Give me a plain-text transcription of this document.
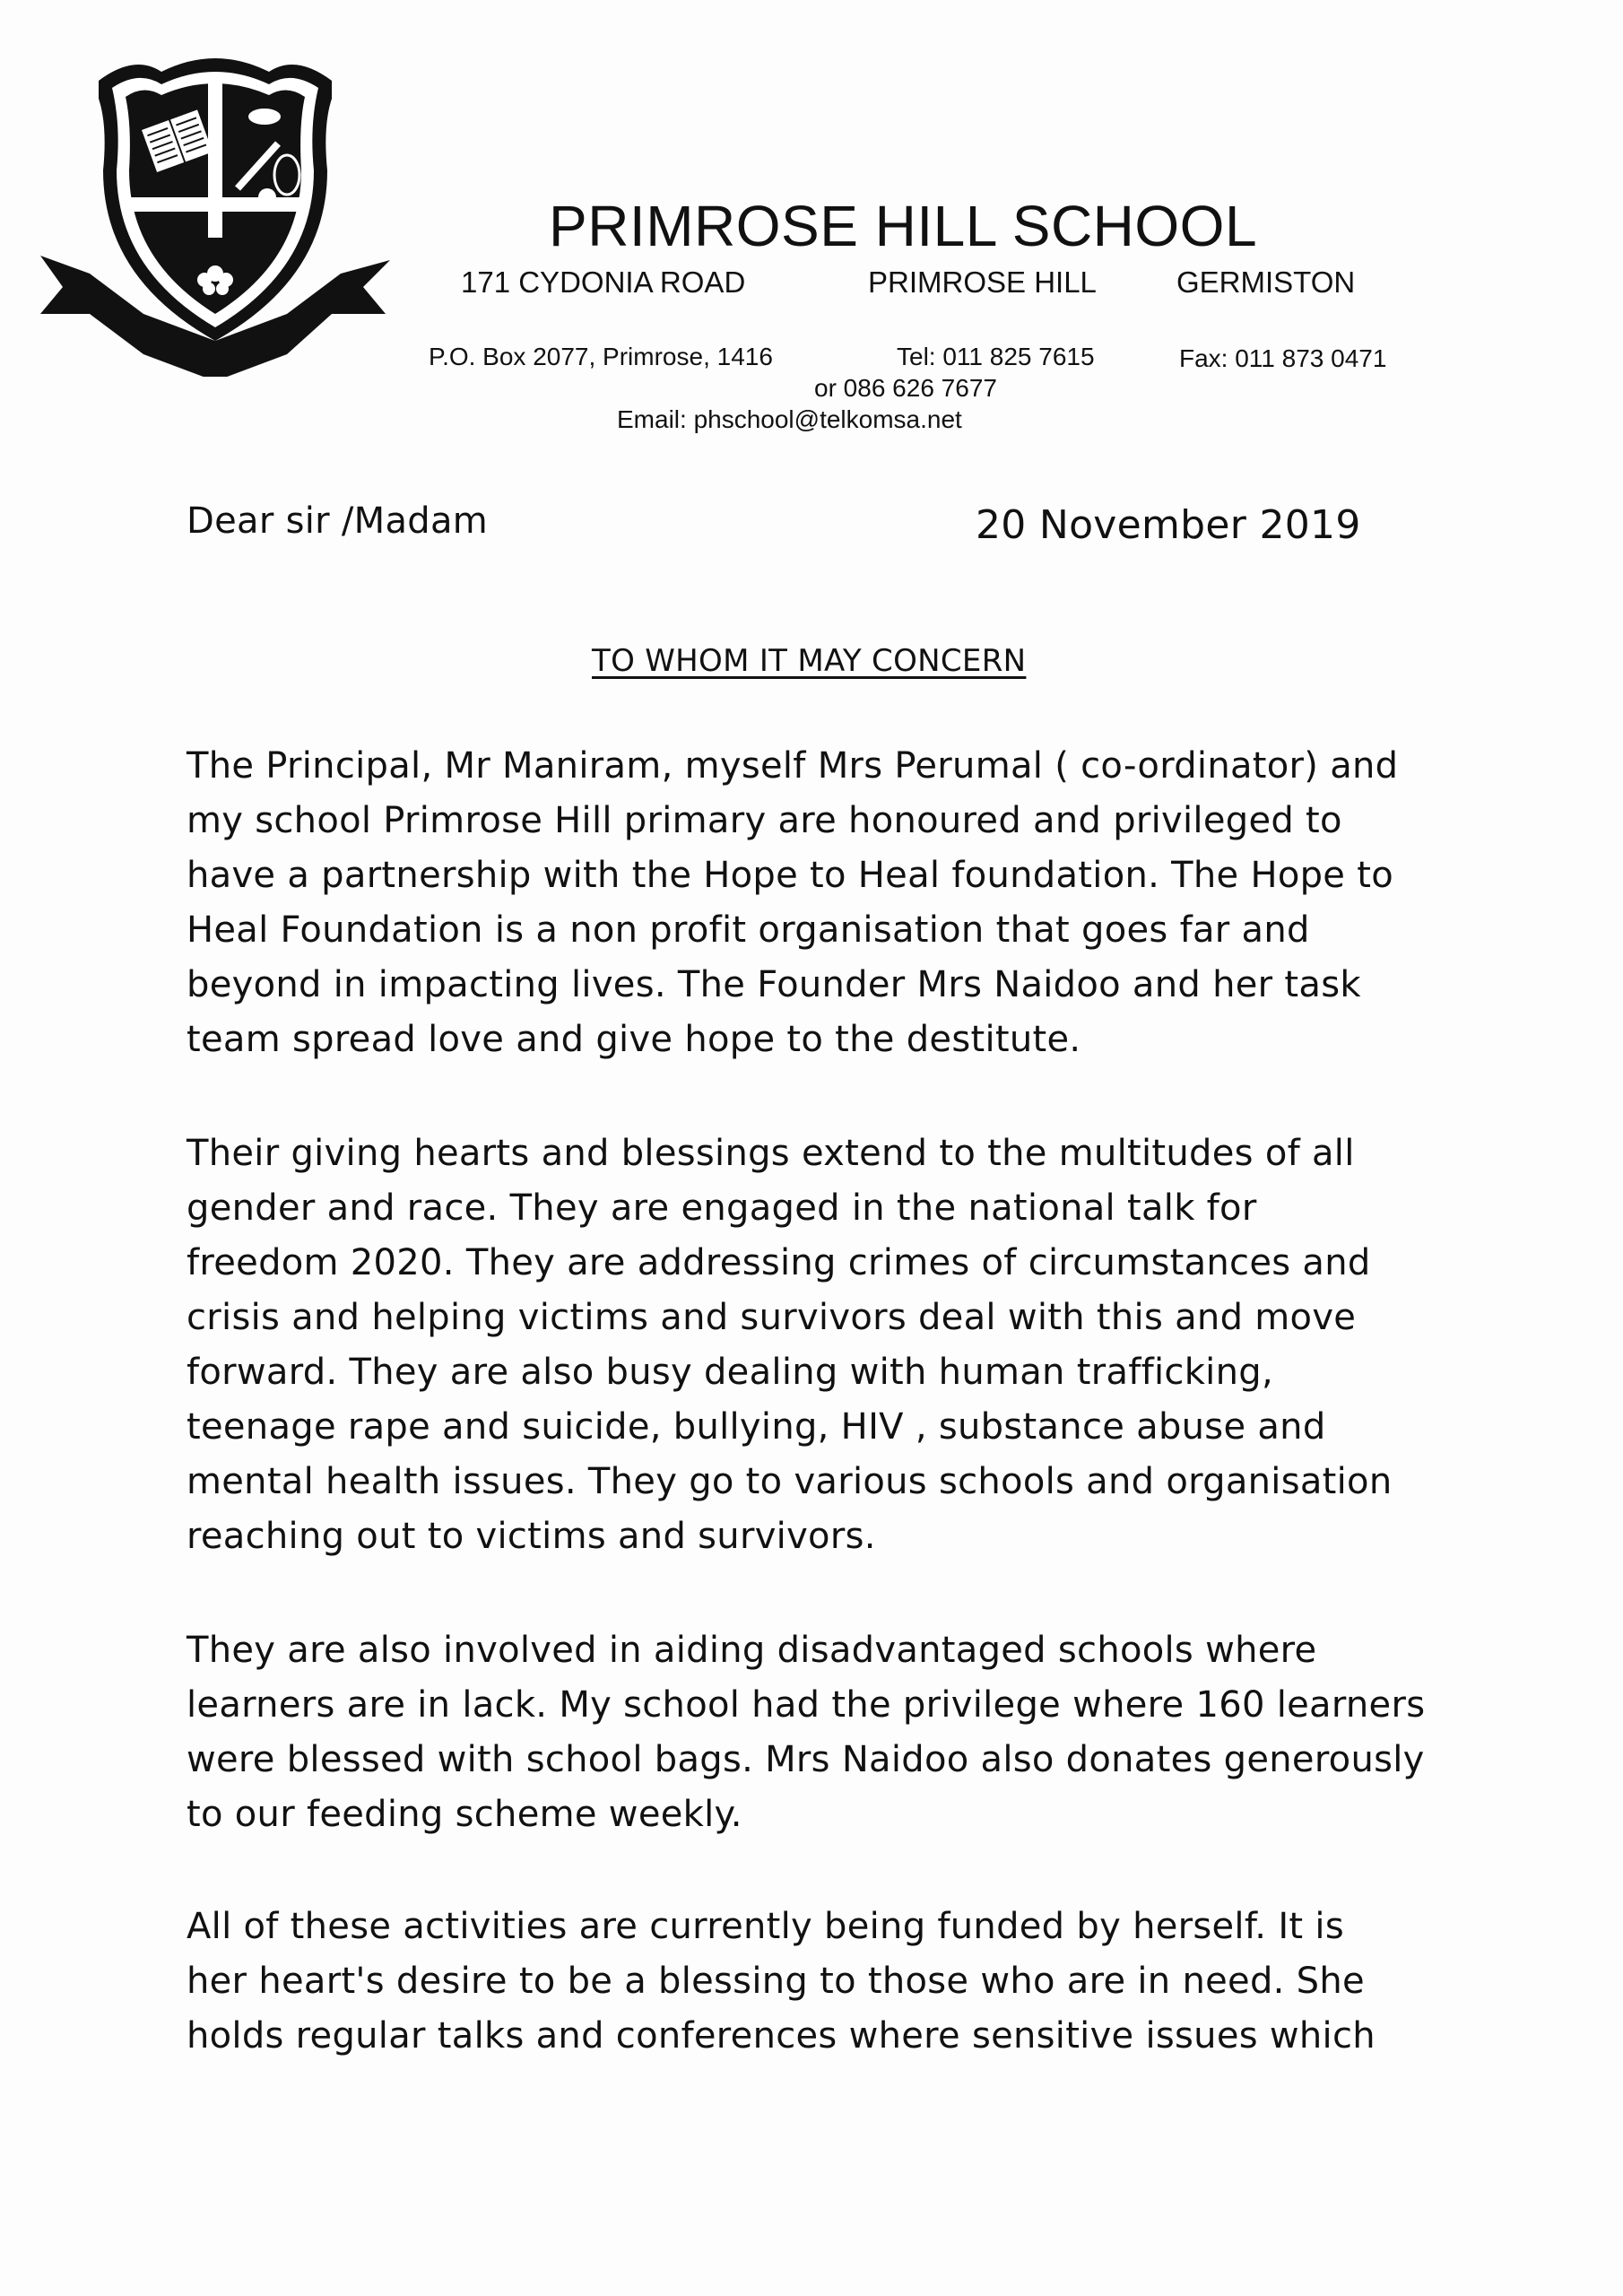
PRIMROSE HILL SCHOOL
171 CYDONIA ROAD	PRIMROSE HILL	GERMISTON
P.O. Box 2077, Primrose, 1416	Tel: 011 825 7615	Fax: 011 873 0471
or 086 626 7677
Email: phschool@telkomsa.net
Dear sir /Madam	20 November 2019
TO WHOM IT MAY CONCERN
The Principal, Mr Maniram, myself Mrs Perumal ( co-ordinator) and
my school Primrose Hill primary are honoured and privileged to
have a partnership with the Hope to Heal foundation. The Hope to
Heal Foundation is a non profit organisation that goes far and
beyond in impacting lives. The Founder Mrs Naidoo and her task
team spread love and give hope to the destitute.
Their giving hearts and blessings extend to the multitudes of all
gender and race. They are engaged in the national talk for
freedom 2020. They are addressing crimes of circumstances and
crisis and helping victims and survivors deal with this and move
forward. They are also busy dealing with human trafficking,
teenage rape and suicide, bullying, HIV , substance abuse and
mental health issues. They go to various schools and organisation
reaching out to victims and survivors.
They are also involved in aiding disadvantaged schools where
learners are in lack. My school had the privilege where 160 learners
were blessed with school bags. Mrs Naidoo also donates generously
to our feeding scheme weekly.
All of these activities are currently being funded by herself. It is
her heart's desire to be a blessing to those who are in need. She
holds regular talks and conferences where sensitive issues which
